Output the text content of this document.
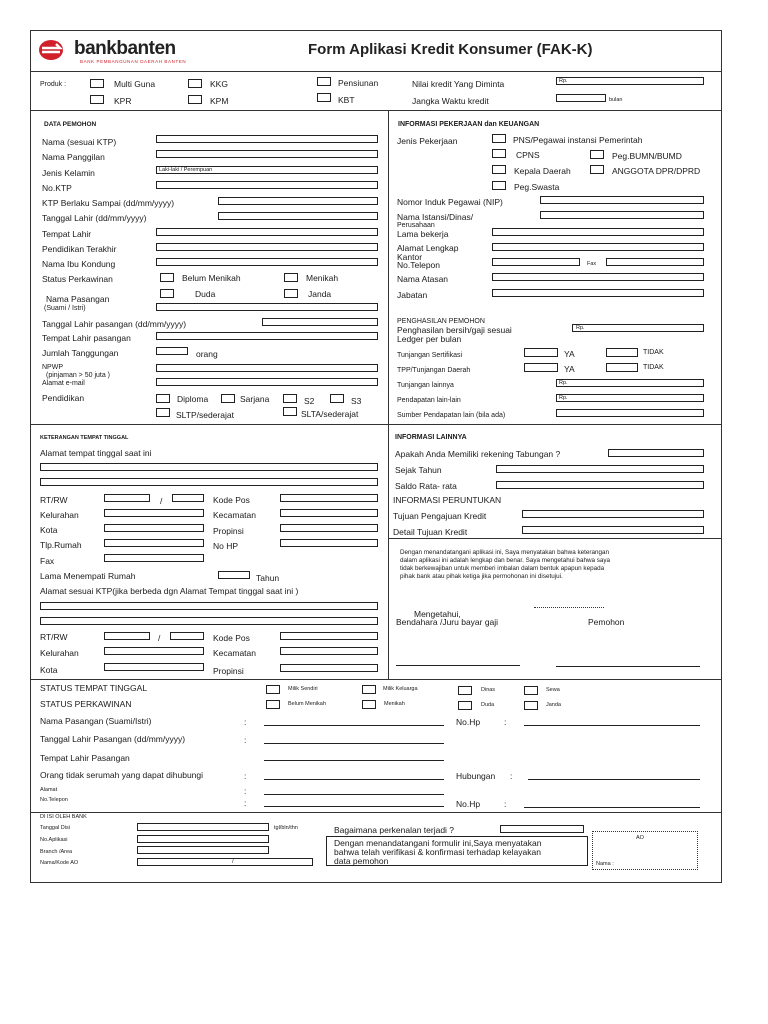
bankbanten
BANK PEMBANGUNAN DAERAH BANTEN
Form Aplikasi Kredit Konsumer (FAK-K)
Produk :	Multi Guna	KKG	Pensiunan	Nilai kredit Yang Diminta	Rp.
KPR	KPM	KBT	Jangka Waktu kredit	bulan
DATA PEMOHON
Nama (sesuai KTP)
Nama Panggilan
Jenis Kelamin	Laki-laki / Perempuan
No.KTP
KTP Berlaku Sampai (dd/mm/yyyy)
Tanggal Lahir (dd/mm/yyyy)
Tempat Lahir
Pendidikan Terakhir
Nama Ibu Kondung
Status Perkawinan	Belum Menikah	Menikah
Duda	Janda
Nama Pasangan
(Suami / Istri)
Tanggal Lahir pasangan (dd/mm/yyyy)
Tempat Lahir pasangan
Jumlah Tanggungan	orang
NPWP
(pinjaman > 50 juta )
Alamat e-mail
Pendidikan	Diploma	Sarjana	S2	S3
SLTP/sederajat	SLTA/sederajat
INFORMASI PEKERJAAN dan KEUANGAN
Jenis Pekerjaan	PNS/Pegawai instansi Pemerintah
CPNS	Peg.BUMN/BUMD
Kepala Daerah	ANGGOTA DPR/DPRD
Peg.Swasta
Nomor Induk Pegawai (NIP)
Nama Istansi/Dinas/
Perusahaan
Lama bekerja
Alamat Lengkap
Kantor
No.Telepon	Fax
Nama Atasan
Jabatan
PENGHASILAN PEMOHON
Penghasilan bersih/gaji sesuai
Ledger per bulan
Rp.
Tunjangan Sertifikasi	YA	TIDAK
TPP/Tunjangan Daerah	YA	TIDAK
Tunjangan lainnya	Rp.
Pendapatan lain-lain	Rp.
Sumber Pendapatan lain (bila ada)
KETERANGAN TEMPAT TINGGAL
Alamat tempat tinggal saat ini
RT/RW	/	Kode Pos
Kelurahan	Kecamatan
Kota	Propinsi
Tlp.Rumah	No HP
Fax
Lama Menempati Rumah	Tahun
Alamat sesuai KTP(jika berbeda dgn Alamat Tempat tinggal saat ini )
RT/RW	/	Kode Pos
Kelurahan	Kecamatan
Kota	Propinsi
INFORMASI LAINNYA
Apakah Anda Memiliki rekening Tabungan ?
Sejak Tahun
Saldo Rata- rata
INFORMASI PERUNTUKAN
Tujuan Pengajuan Kredit
Detail Tujuan Kredit
Dengan menandatangani aplikasi ini, Saya menyatakan bahwa keterangan
dalam aplikasi ini adalah lengkap dan benar. Saya mengetahui bahwa saya
tidak berkewajiban untuk memberi imbalan dalam bentuk apapun kepada
pihak bank atau pihak ketiga jika permohonan ini disetujui.
Mengetahui,
Bendahara /Juru bayar gaji	Pemohon
STATUS TEMPAT TINGGAL	Milik Sendiri	Milik Keluarga	Dinas	Sewa
STATUS PERKAWINAN	Belum Menikah	Menikah	Duda	Janda
Nama Pasangan (Suami/Istri)	:	No.Hp	:
Tanggal Lahir Pasangan (dd/mm/yyyy)	:
Tempat Lahir Pasangan
Orang tidak serumah yang dapat dihubungi	:	Hubungan :
Alamat	:
No.Telepon	:	No.Hp	:
DI ISI OLEH BANK
Tanggal Disi	tgl/bln/thn
No.Aplikasi
Branch /Area
Nama/Kode AO	/
Bagaimana perkenalan terjadi ?
Dengan menandatangani formulir ini,Saya menyatakan
bahwa telah verifikasi & konfirmasi terhadap kelayakan
data pemohon
AO
Nama :
